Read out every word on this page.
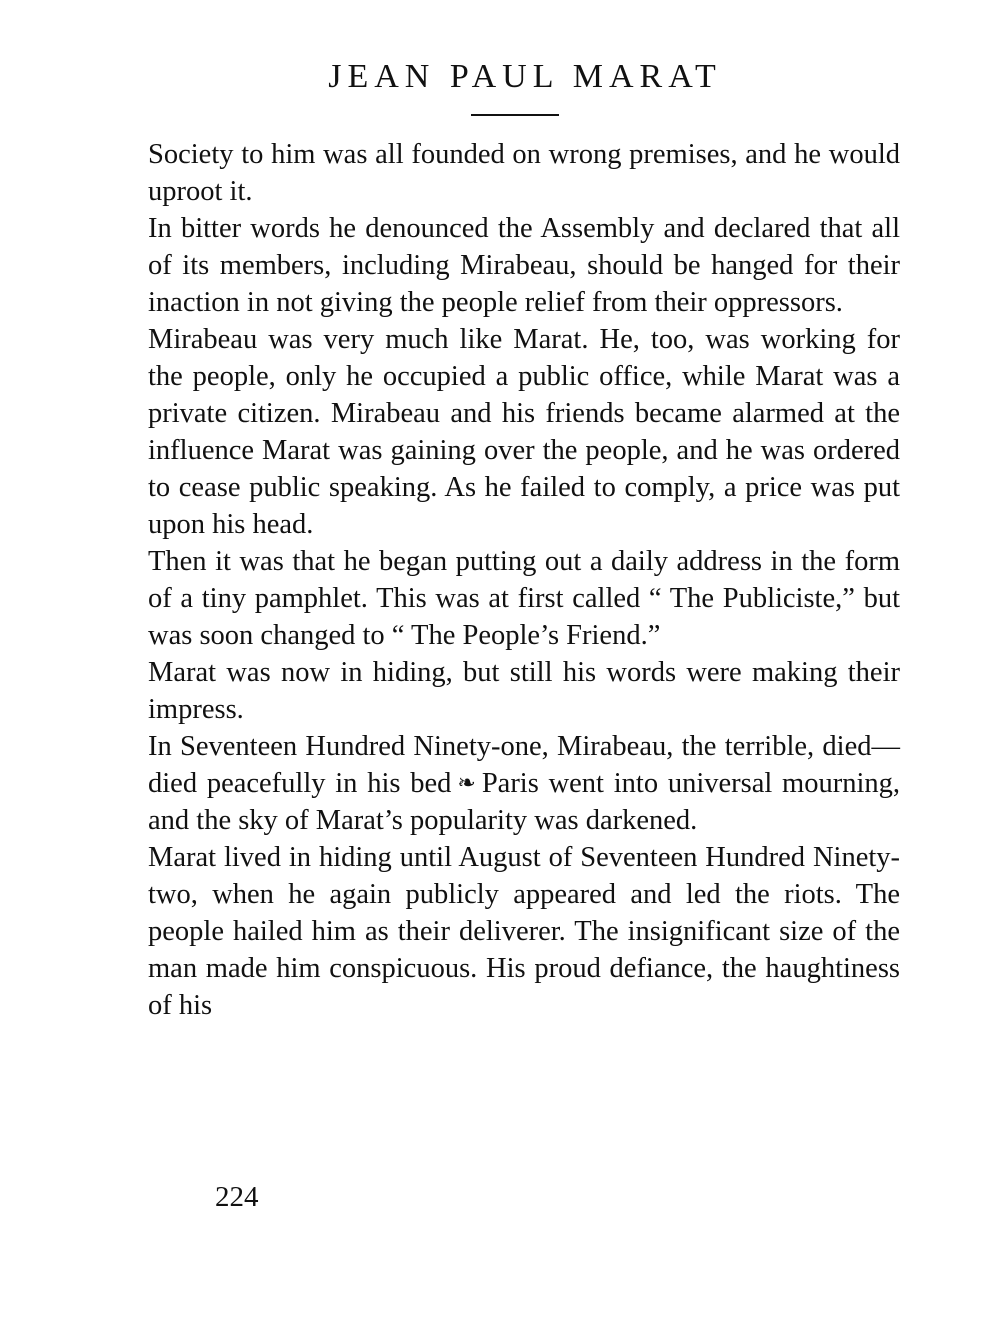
JEAN PAUL MARAT

Society to him was all founded on wrong premises, and he would uproot it.

In bitter words he denounced the Assembly and declared that all of its members, including Mirabeau, should be hanged for their inaction in not giving the people relief from their oppressors.

Mirabeau was very much like Marat. He, too, was working for the people, only he occupied a public office, while Marat was a private citizen. Mirabeau and his friends became alarmed at the influence Marat was gaining over the people, and he was ordered to cease public speaking. As he failed to comply, a price was put upon his head.

Then it was that he began putting out a daily address in the form of a tiny pamphlet. This was at first called “ The Publiciste,” but was soon changed to “ The People’s Friend.”

Marat was now in hiding, but still his words were making their impress.

In Seventeen Hundred Ninety-one, Mirabeau, the terrible, died—died peacefully in his bed ❧ Paris went into universal mourning, and the sky of Marat’s popularity was darkened.

Marat lived in hiding until August of Seventeen Hundred Ninety-two, when he again publicly appeared and led the riots. The people hailed him as their deliverer. The insignificant size of the man made him conspicuous. His proud defiance, the haughtiness of his

224
